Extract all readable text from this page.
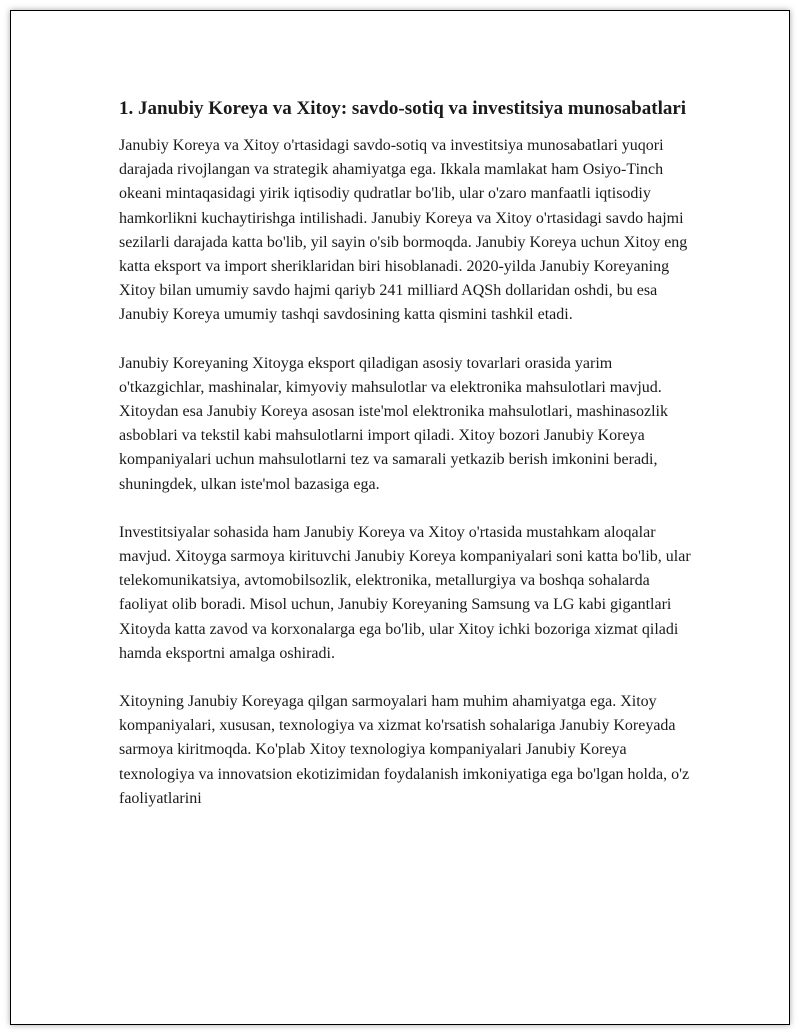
1. Janubiy Koreya va Xitoy: savdo-sotiq va investitsiya munosabatlari

Janubiy Koreya va Xitoy o'rtasidagi savdo-sotiq va investitsiya munosabatlari yuqori darajada rivojlangan va strategik ahamiyatga ega. Ikkala mamlakat ham Osiyo-Tinch okeani mintaqasidagi yirik iqtisodiy qudratlar bo'lib, ular o'zaro manfaatli iqtisodiy hamkorlikni kuchaytirishga intilishadi. Janubiy Koreya va Xitoy o'rtasidagi savdo hajmi sezilarli darajada katta bo'lib, yil sayin o'sib bormoqda. Janubiy Koreya uchun Xitoy eng katta eksport va import sheriklaridan biri hisoblanadi. 2020-yilda Janubiy Koreyaning Xitoy bilan umumiy savdo hajmi qariyb 241 milliard AQSh dollaridan oshdi, bu esa Janubiy Koreya umumiy tashqi savdosining katta qismini tashkil etadi.

Janubiy Koreyaning Xitoyga eksport qiladigan asosiy tovarlari orasida yarim o'tkazgichlar, mashinalar, kimyoviy mahsulotlar va elektronika mahsulotlari mavjud. Xitoydan esa Janubiy Koreya asosan iste'mol elektronika mahsulotlari, mashinasozlik asboblari va tekstil kabi mahsulotlarni import qiladi. Xitoy bozori Janubiy Koreya kompaniyalari uchun mahsulotlarni tez va samarali yetkazib berish imkonini beradi, shuningdek, ulkan iste'mol bazasiga ega.

Investitsiyalar sohasida ham Janubiy Koreya va Xitoy o'rtasida mustahkam aloqalar mavjud. Xitoyga sarmoya kirituvchi Janubiy Koreya kompaniyalari soni katta bo'lib, ular telekomunikatsiya, avtomobilsozlik, elektronika, metallurgiya va boshqa sohalarda faoliyat olib boradi. Misol uchun, Janubiy Koreyaning Samsung va LG kabi gigantlari Xitoyda katta zavod va korxonalarga ega bo'lib, ular Xitoy ichki bozoriga xizmat qiladi hamda eksportni amalga oshiradi.

Xitoyning Janubiy Koreyaga qilgan sarmoyalari ham muhim ahamiyatga ega. Xitoy kompaniyalari, xususan, texnologiya va xizmat ko'rsatish sohalariga Janubiy Koreyada sarmoya kiritmoqda. Ko'plab Xitoy texnologiya kompaniyalari Janubiy Koreya texnologiya va innovatsion ekotizimidan foydalanish imkoniyatiga ega bo'lgan holda, o'z faoliyatlarini
